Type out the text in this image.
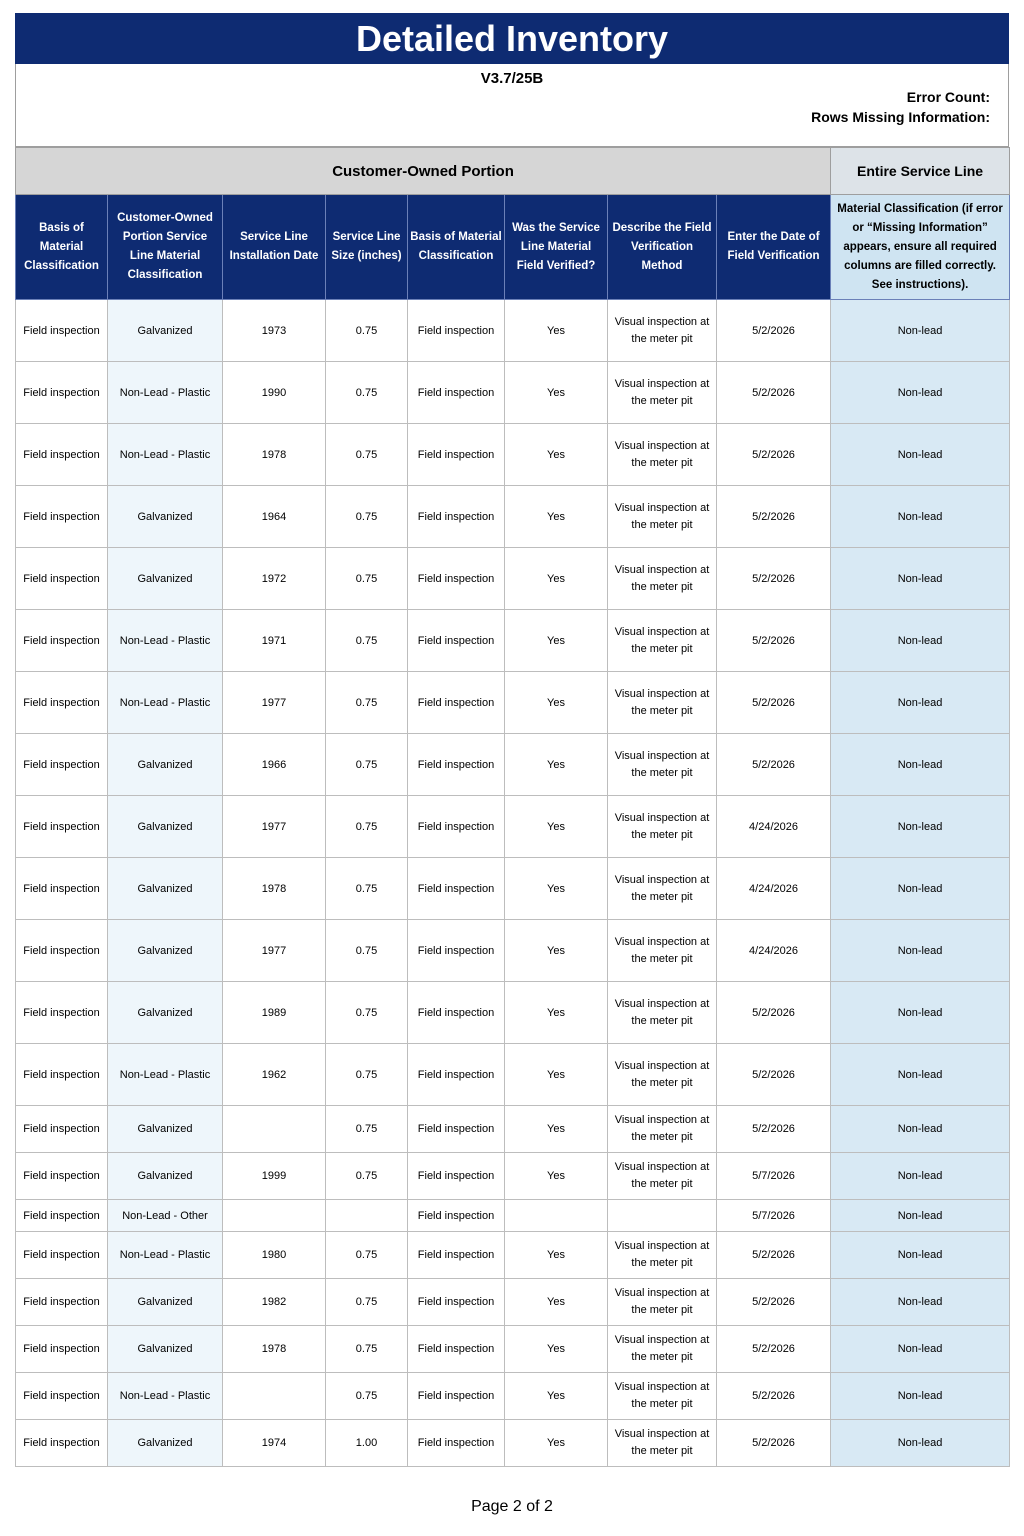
Detailed Inventory
V3.7/25B
Error Count:
Rows Missing Information:
Customer-Owned Portion								Entire Service Line
Basis of Material Classification	Customer-Owned Portion Service Line Material Classification	Service Line Installation Date	Service Line Size (inches)	Basis of Material Classification	Was the Service Line Material Field Verified?	Describe the Field Verification Method	Enter the Date of Field Verification	Material Classification (if error or “Missing Information” appears, ensure all required columns are filled correctly. See instructions).
Field inspection	Galvanized	1973	0.75	Field inspection	Yes	Visual inspection at the meter pit	5/2/2026	Non-lead
Field inspection	Non-Lead - Plastic	1990	0.75	Field inspection	Yes	Visual inspection at the meter pit	5/2/2026	Non-lead
Field inspection	Non-Lead - Plastic	1978	0.75	Field inspection	Yes	Visual inspection at the meter pit	5/2/2026	Non-lead
Field inspection	Galvanized	1964	0.75	Field inspection	Yes	Visual inspection at the meter pit	5/2/2026	Non-lead
Field inspection	Galvanized	1972	0.75	Field inspection	Yes	Visual inspection at the meter pit	5/2/2026	Non-lead
Field inspection	Non-Lead - Plastic	1971	0.75	Field inspection	Yes	Visual inspection at the meter pit	5/2/2026	Non-lead
Field inspection	Non-Lead - Plastic	1977	0.75	Field inspection	Yes	Visual inspection at the meter pit	5/2/2026	Non-lead
Field inspection	Galvanized	1966	0.75	Field inspection	Yes	Visual inspection at the meter pit	5/2/2026	Non-lead
Field inspection	Galvanized	1977	0.75	Field inspection	Yes	Visual inspection at the meter pit	4/24/2026	Non-lead
Field inspection	Galvanized	1978	0.75	Field inspection	Yes	Visual inspection at the meter pit	4/24/2026	Non-lead
Field inspection	Galvanized	1977	0.75	Field inspection	Yes	Visual inspection at the meter pit	4/24/2026	Non-lead
Field inspection	Galvanized	1989	0.75	Field inspection	Yes	Visual inspection at the meter pit	5/2/2026	Non-lead
Field inspection	Non-Lead - Plastic	1962	0.75	Field inspection	Yes	Visual inspection at the meter pit	5/2/2026	Non-lead
Field inspection	Galvanized		0.75	Field inspection	Yes	Visual inspection at the meter pit	5/2/2026	Non-lead
Field inspection	Galvanized	1999	0.75	Field inspection	Yes	Visual inspection at the meter pit	5/7/2026	Non-lead
Field inspection	Non-Lead - Other			Field inspection			5/7/2026	Non-lead
Field inspection	Non-Lead - Plastic	1980	0.75	Field inspection	Yes	Visual inspection at the meter pit	5/2/2026	Non-lead
Field inspection	Galvanized	1982	0.75	Field inspection	Yes	Visual inspection at the meter pit	5/2/2026	Non-lead
Field inspection	Galvanized	1978	0.75	Field inspection	Yes	Visual inspection at the meter pit	5/2/2026	Non-lead
Field inspection	Non-Lead - Plastic		0.75	Field inspection	Yes	Visual inspection at the meter pit	5/2/2026	Non-lead
Field inspection	Galvanized	1974	1.00	Field inspection	Yes	Visual inspection at the meter pit	5/2/2026	Non-lead
Page 2 of 2
